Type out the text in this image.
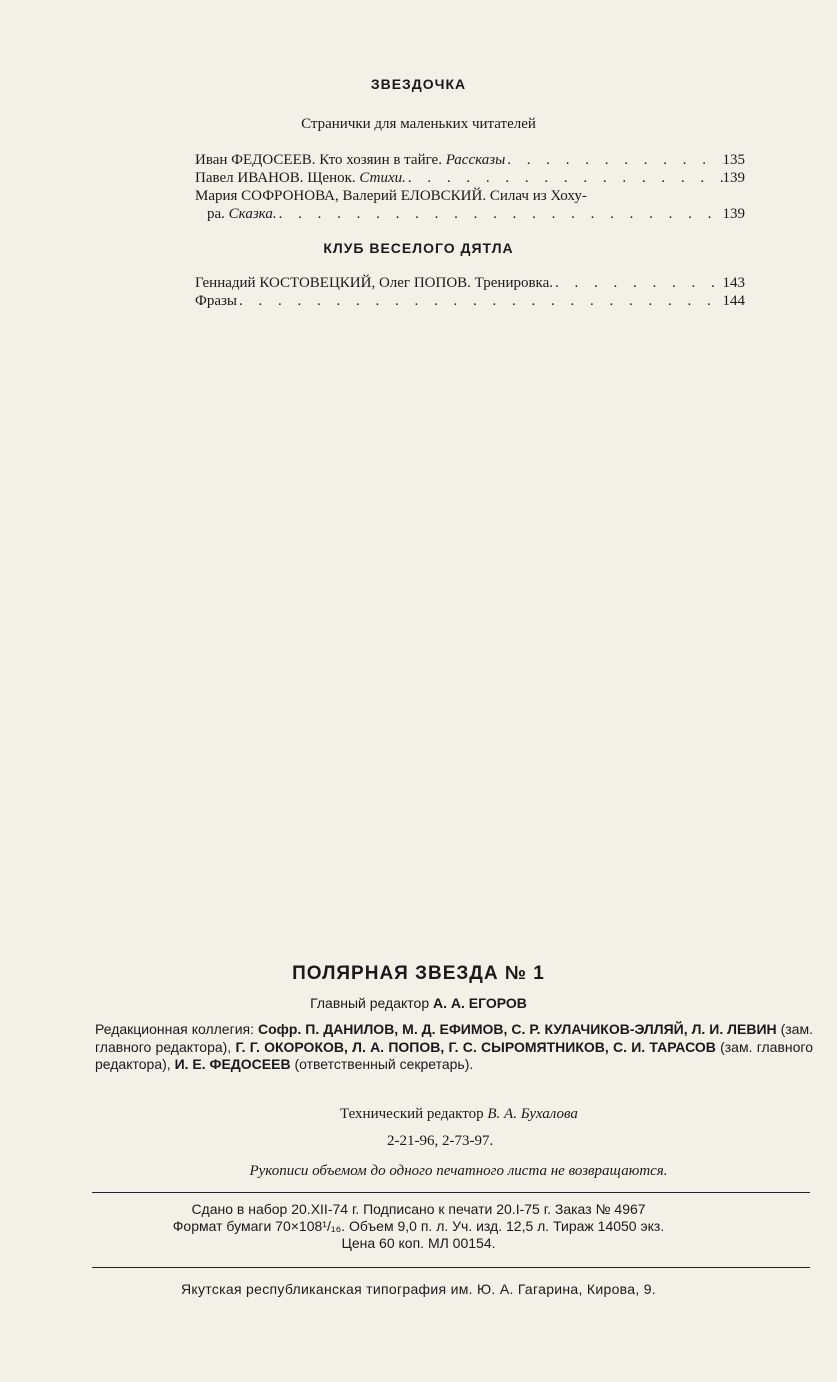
ЗВЕЗДОЧКА
Странички для маленьких читателей
Иван ФЕДОСЕЕВ. Кто хозяин в тайге. Рассказы . . .	135
Павел ИВАНОВ. Щенок. Стихи. . . .	139
Мария СОФРОНОВА, Валерий ЕЛОВСКИЙ. Силач из Хоху-
ра. Сказка. . . .	139
КЛУБ ВЕСЕЛОГО ДЯТЛА
Геннадий КОСТОВЕЦКИЙ, Олег ПОПОВ. Тренировка. . . .	143
Фразы . . .	144
ПОЛЯРНАЯ ЗВЕЗДА № 1
Главный редактор А. А. ЕГОРОВ
Редакционная коллегия: Софр. П. ДАНИЛОВ, М. Д. ЕФИМОВ, С. Р. КУЛАЧИКОВ-ЭЛЛЯЙ, Л. И. ЛЕВИН (зам. главного редактора), Г. Г. ОКОРОКОВ, Л. А. ПОПОВ, Г. С. СЫРОМЯТНИКОВ, С. И. ТАРАСОВ (зам. главного редактора), И. Е. ФЕДОСЕЕВ (ответственный секретарь).
Технический редактор В. А. Бухалова
2-21-96, 2-73-97.
Рукописи объемом до одного печатного листа не возвращаются.
Сдано в набор 20.XII-74 г. Подписано к печати 20.I-75 г. Заказ № 4967
Формат бумаги 70×108¹/₁₆. Объем 9,0 п. л. Уч. изд. 12,5 л. Тираж 14050 экз.
Цена 60 коп. МЛ 00154.
Якутская республиканская типография им. Ю. А. Гагарина, Кирова, 9.
